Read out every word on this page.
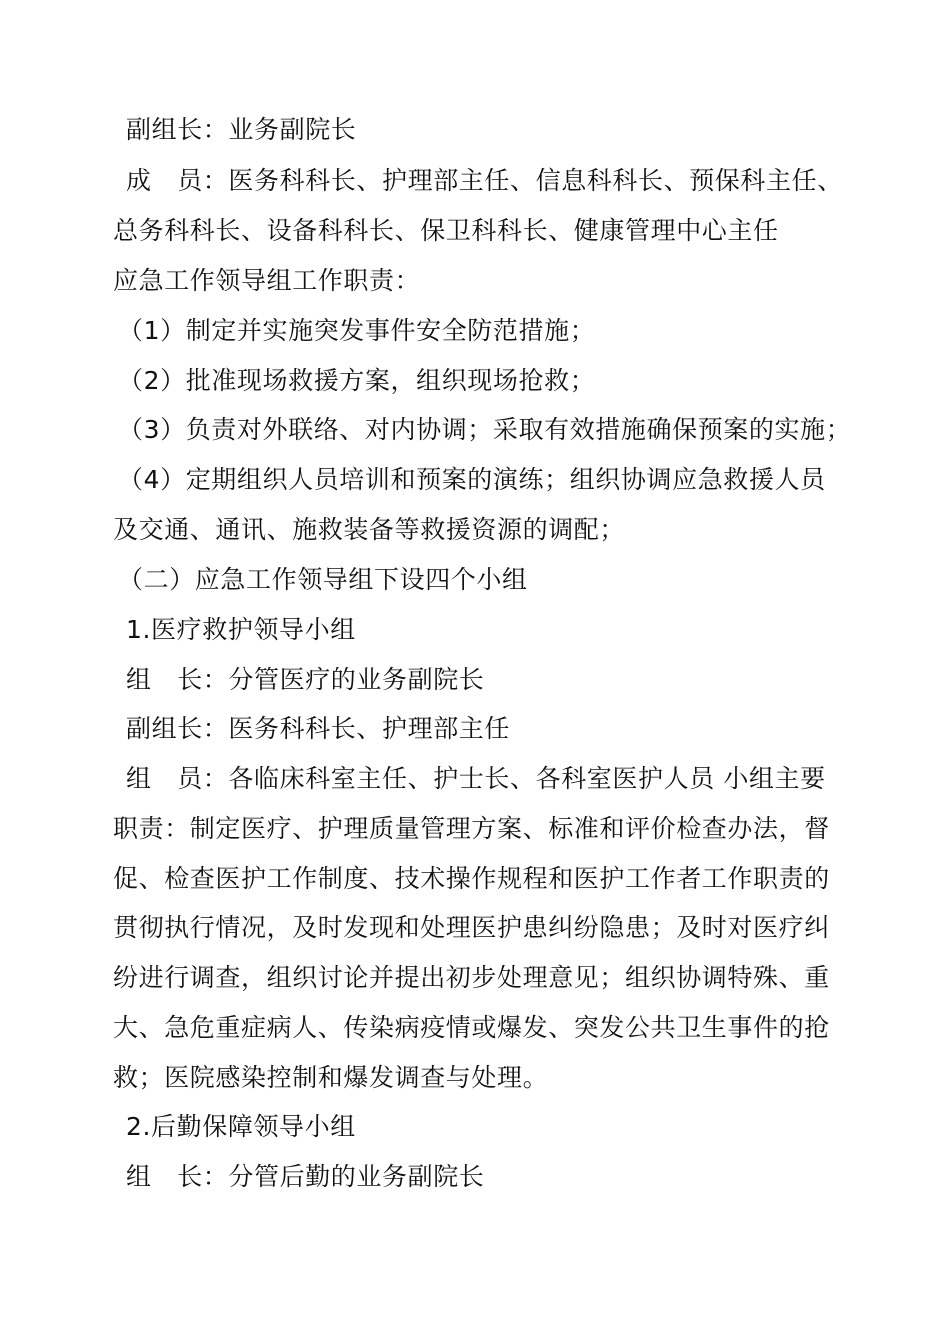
副组长：业务副院长
成　员：医务科科长、护理部主任、信息科科长、预保科主任、
总务科科长、设备科科长、保卫科科长、健康管理中心主任
应急工作领导组工作职责：
（1）制定并实施突发事件安全防范措施；
（2）批准现场救援方案，组织现场抢救；
（3）负责对外联络、对内协调；采取有效措施确保预案的实施；
（4）定期组织人员培训和预案的演练；组织协调应急救援人员
及交通、通讯、施救装备等救援资源的调配；
（二）应急工作领导组下设四个小组
1.医疗救护领导小组
组　长：分管医疗的业务副院长
副组长：医务科科长、护理部主任
组　员：各临床科室主任、护士长、各科室医护人员 小组主要
职责：制定医疗、护理质量管理方案、标准和评价检查办法，督
促、检查医护工作制度、技术操作规程和医护工作者工作职责的
贯彻执行情况，及时发现和处理医护患纠纷隐患；及时对医疗纠
纷进行调查，组织讨论并提出初步处理意见；组织协调特殊、重
大、急危重症病人、传染病疫情或爆发、突发公共卫生事件的抢
救；医院感染控制和爆发调查与处理。
2.后勤保障领导小组
组　长：分管后勤的业务副院长
